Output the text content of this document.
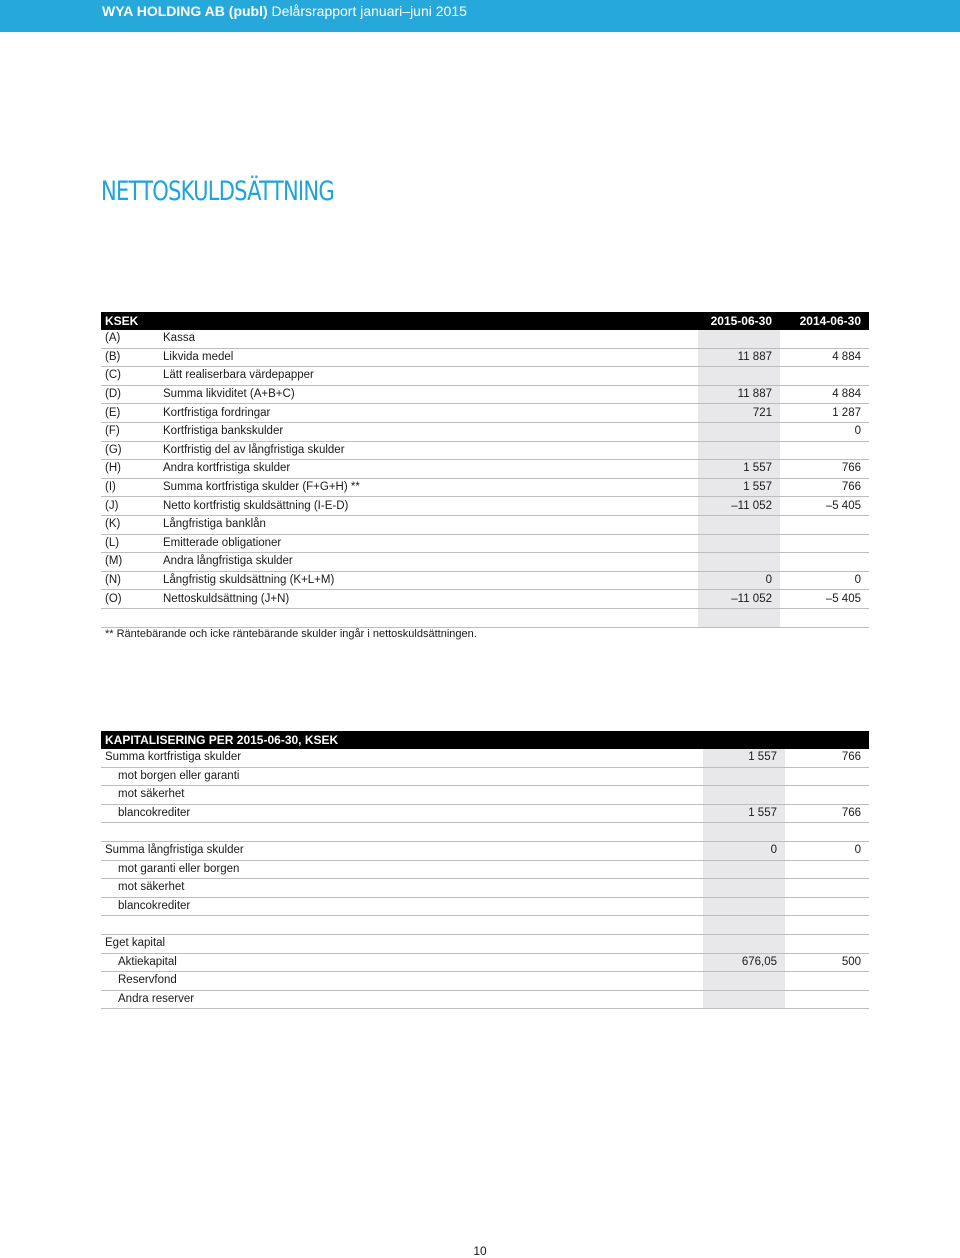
WYA HOLDING AB (publ) Delårsrapport januari–juni 2015
NETTOSKULDSÄTTNING
KSEK		2015-06-30	2014-06-30
(A)	Kassa		
(B)	Likvida medel	11 887	4 884
(C)	Lätt realiserbara värdepapper		
(D)	Summa likviditet (A+B+C)	11 887	4 884
(E)	Kortfristiga fordringar	721	1 287
(F)	Kortfristiga bankskulder		0
(G)	Kortfristig del av långfristiga skulder		
(H)	Andra kortfristiga skulder	1 557	766
(I)	Summa kortfristiga skulder (F+G+H) **	1 557	766
(J)	Netto kortfristig skuldsättning (I-E-D)	–11 052	–5 405
(K)	Långfristiga banklån		
(L)	Emitterade obligationer		
(M)	Andra långfristiga skulder		
(N)	Långfristig skuldsättning (K+L+M)	0	0
(O)	Nettoskuldsättning (J+N)	–11 052	–5 405

** Räntebärande och icke räntebärande skulder ingår i nettoskuldsättningen.
KAPITALISERING PER 2015-06-30, KSEK		
Summa kortfristiga skulder	1 557	766
mot borgen eller garanti		
mot säkerhet		
blancokrediter	1 557	766

Summa långfristiga skulder	0	0
mot garanti eller borgen		
mot säkerhet		
blancokrediter		

Eget kapital		
Aktiekapital	676,05	500
Reservfond		
Andra reserver		
10
